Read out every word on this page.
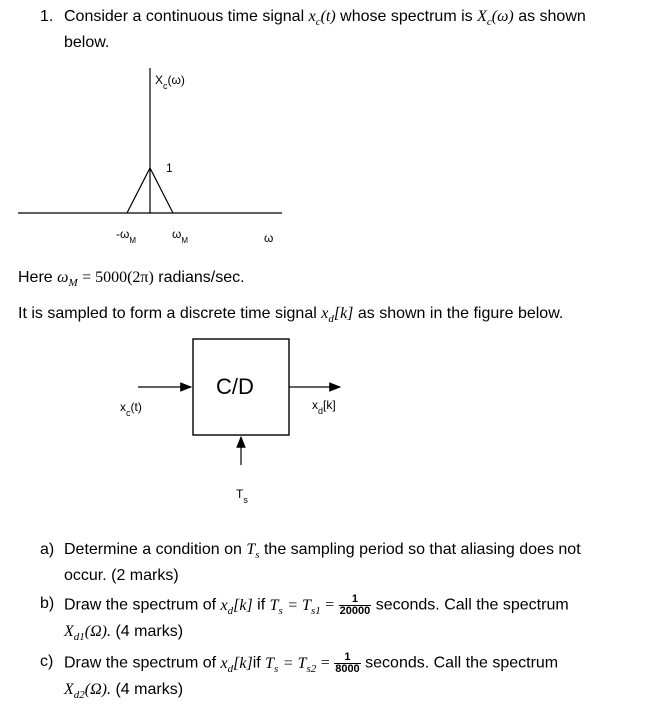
1. Consider a continuous time signal $x_c(t)$ whose spectrum is $X_c(\omega)$ as shown
below.
$X_c(\omega)$
1
$-\omega_M$	$\omega_M$	ω
Here $\omega_M = 5000(2\pi)$ radians/sec.
It is sampled to form a discrete time signal $x_d[k]$ as shown in the figure below.
C/D
$x_c(t)$	$x_d[k]$
$T_s$
a) Determine a condition on $T_s$ the sampling period so that aliasing does not
occur. (2 marks)
b) Draw the spectrum of $x_d[k]$ if $T_s = T_{s1} = \frac{1}{20000}$ seconds. Call the spectrum
$X_{d1}(\Omega)$. (4 marks)
c) Draw the spectrum of $x_d[k]if$ $T_s = T_{s2} = \frac{1}{8000}$ seconds. Call the spectrum
$X_{d2}(\Omega)$. (4 marks)
